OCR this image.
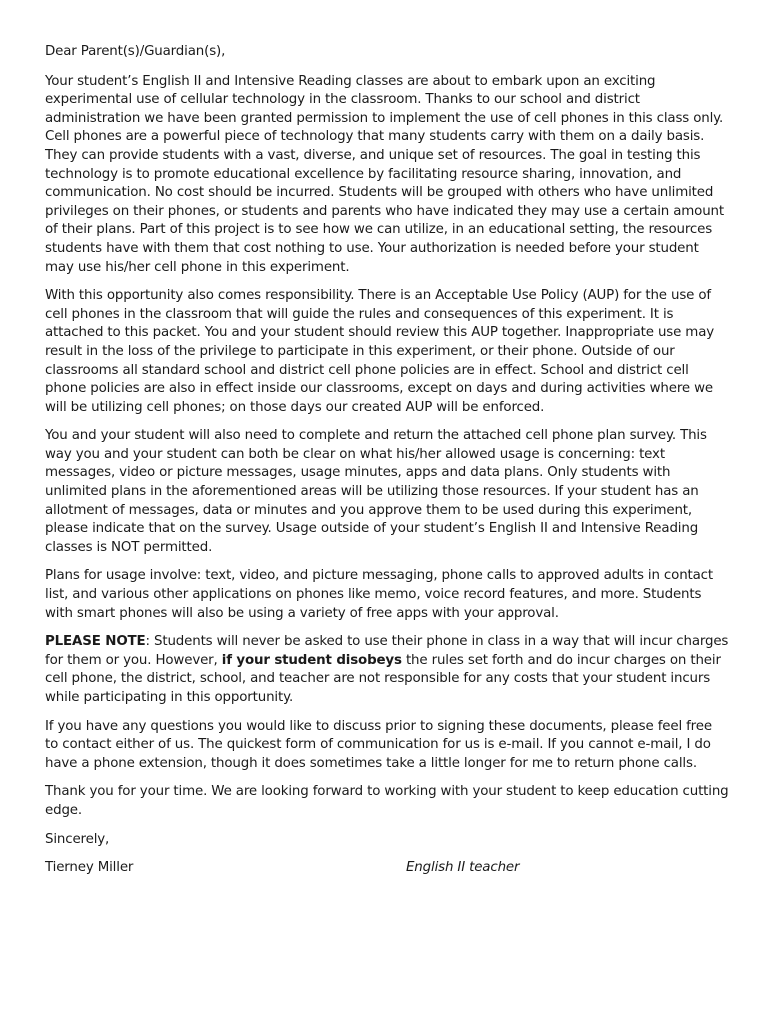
Dear Parent(s)/Guardian(s),

Your student’s English II and Intensive Reading classes are about to embark upon an exciting experimental use of cellular technology in the classroom. Thanks to our school and district administration we have been granted permission to implement the use of cell phones in this class only. Cell phones are a powerful piece of technology that many students carry with them on a daily basis. They can provide students with a vast, diverse, and unique set of resources. The goal in testing this technology is to promote educational excellence by facilitating resource sharing, innovation, and communication. No cost should be incurred. Students will be grouped with others who have unlimited privileges on their phones, or students and parents who have indicated they may use a certain amount of their plans. Part of this project is to see how we can utilize, in an educational setting, the resources students have with them that cost nothing to use. Your authorization is needed before your student may use his/her cell phone in this experiment.

With this opportunity also comes responsibility. There is an Acceptable Use Policy (AUP) for the use of cell phones in the classroom that will guide the rules and consequences of this experiment. It is attached to this packet. You and your student should review this AUP together. Inappropriate use may result in the loss of the privilege to participate in this experiment, or their phone. Outside of our classrooms all standard school and district cell phone policies are in effect. School and district cell phone policies are also in effect inside our classrooms, except on days and during activities where we will be utilizing cell phones; on those days our created AUP will be enforced.

You and your student will also need to complete and return the attached cell phone plan survey. This way you and your student can both be clear on what his/her allowed usage is concerning: text messages, video or picture messages, usage minutes, apps and data plans. Only students with unlimited plans in the aforementioned areas will be utilizing those resources. If your student has an allotment of messages, data or minutes and you approve them to be used during this experiment, please indicate that on the survey. Usage outside of your student’s English II and Intensive Reading classes is NOT permitted.

Plans for usage involve: text, video, and picture messaging, phone calls to approved adults in contact list, and various other applications on phones like memo, voice record features, and more. Students with smart phones will also be using a variety of free apps with your approval.

PLEASE NOTE: Students will never be asked to use their phone in class in a way that will incur charges for them or you. However, if your student disobeys the rules set forth and do incur charges on their cell phone, the district, school, and teacher are not responsible for any costs that your student incurs while participating in this opportunity.

If you have any questions you would like to discuss prior to signing these documents, please feel free to contact either of us. The quickest form of communication for us is e-mail. If you cannot e-mail, I do have a phone extension, though it does sometimes take a little longer for me to return phone calls.

Thank you for your time. We are looking forward to working with your student to keep education cutting edge.

Sincerely,

Tierney Miller	English II teacher
